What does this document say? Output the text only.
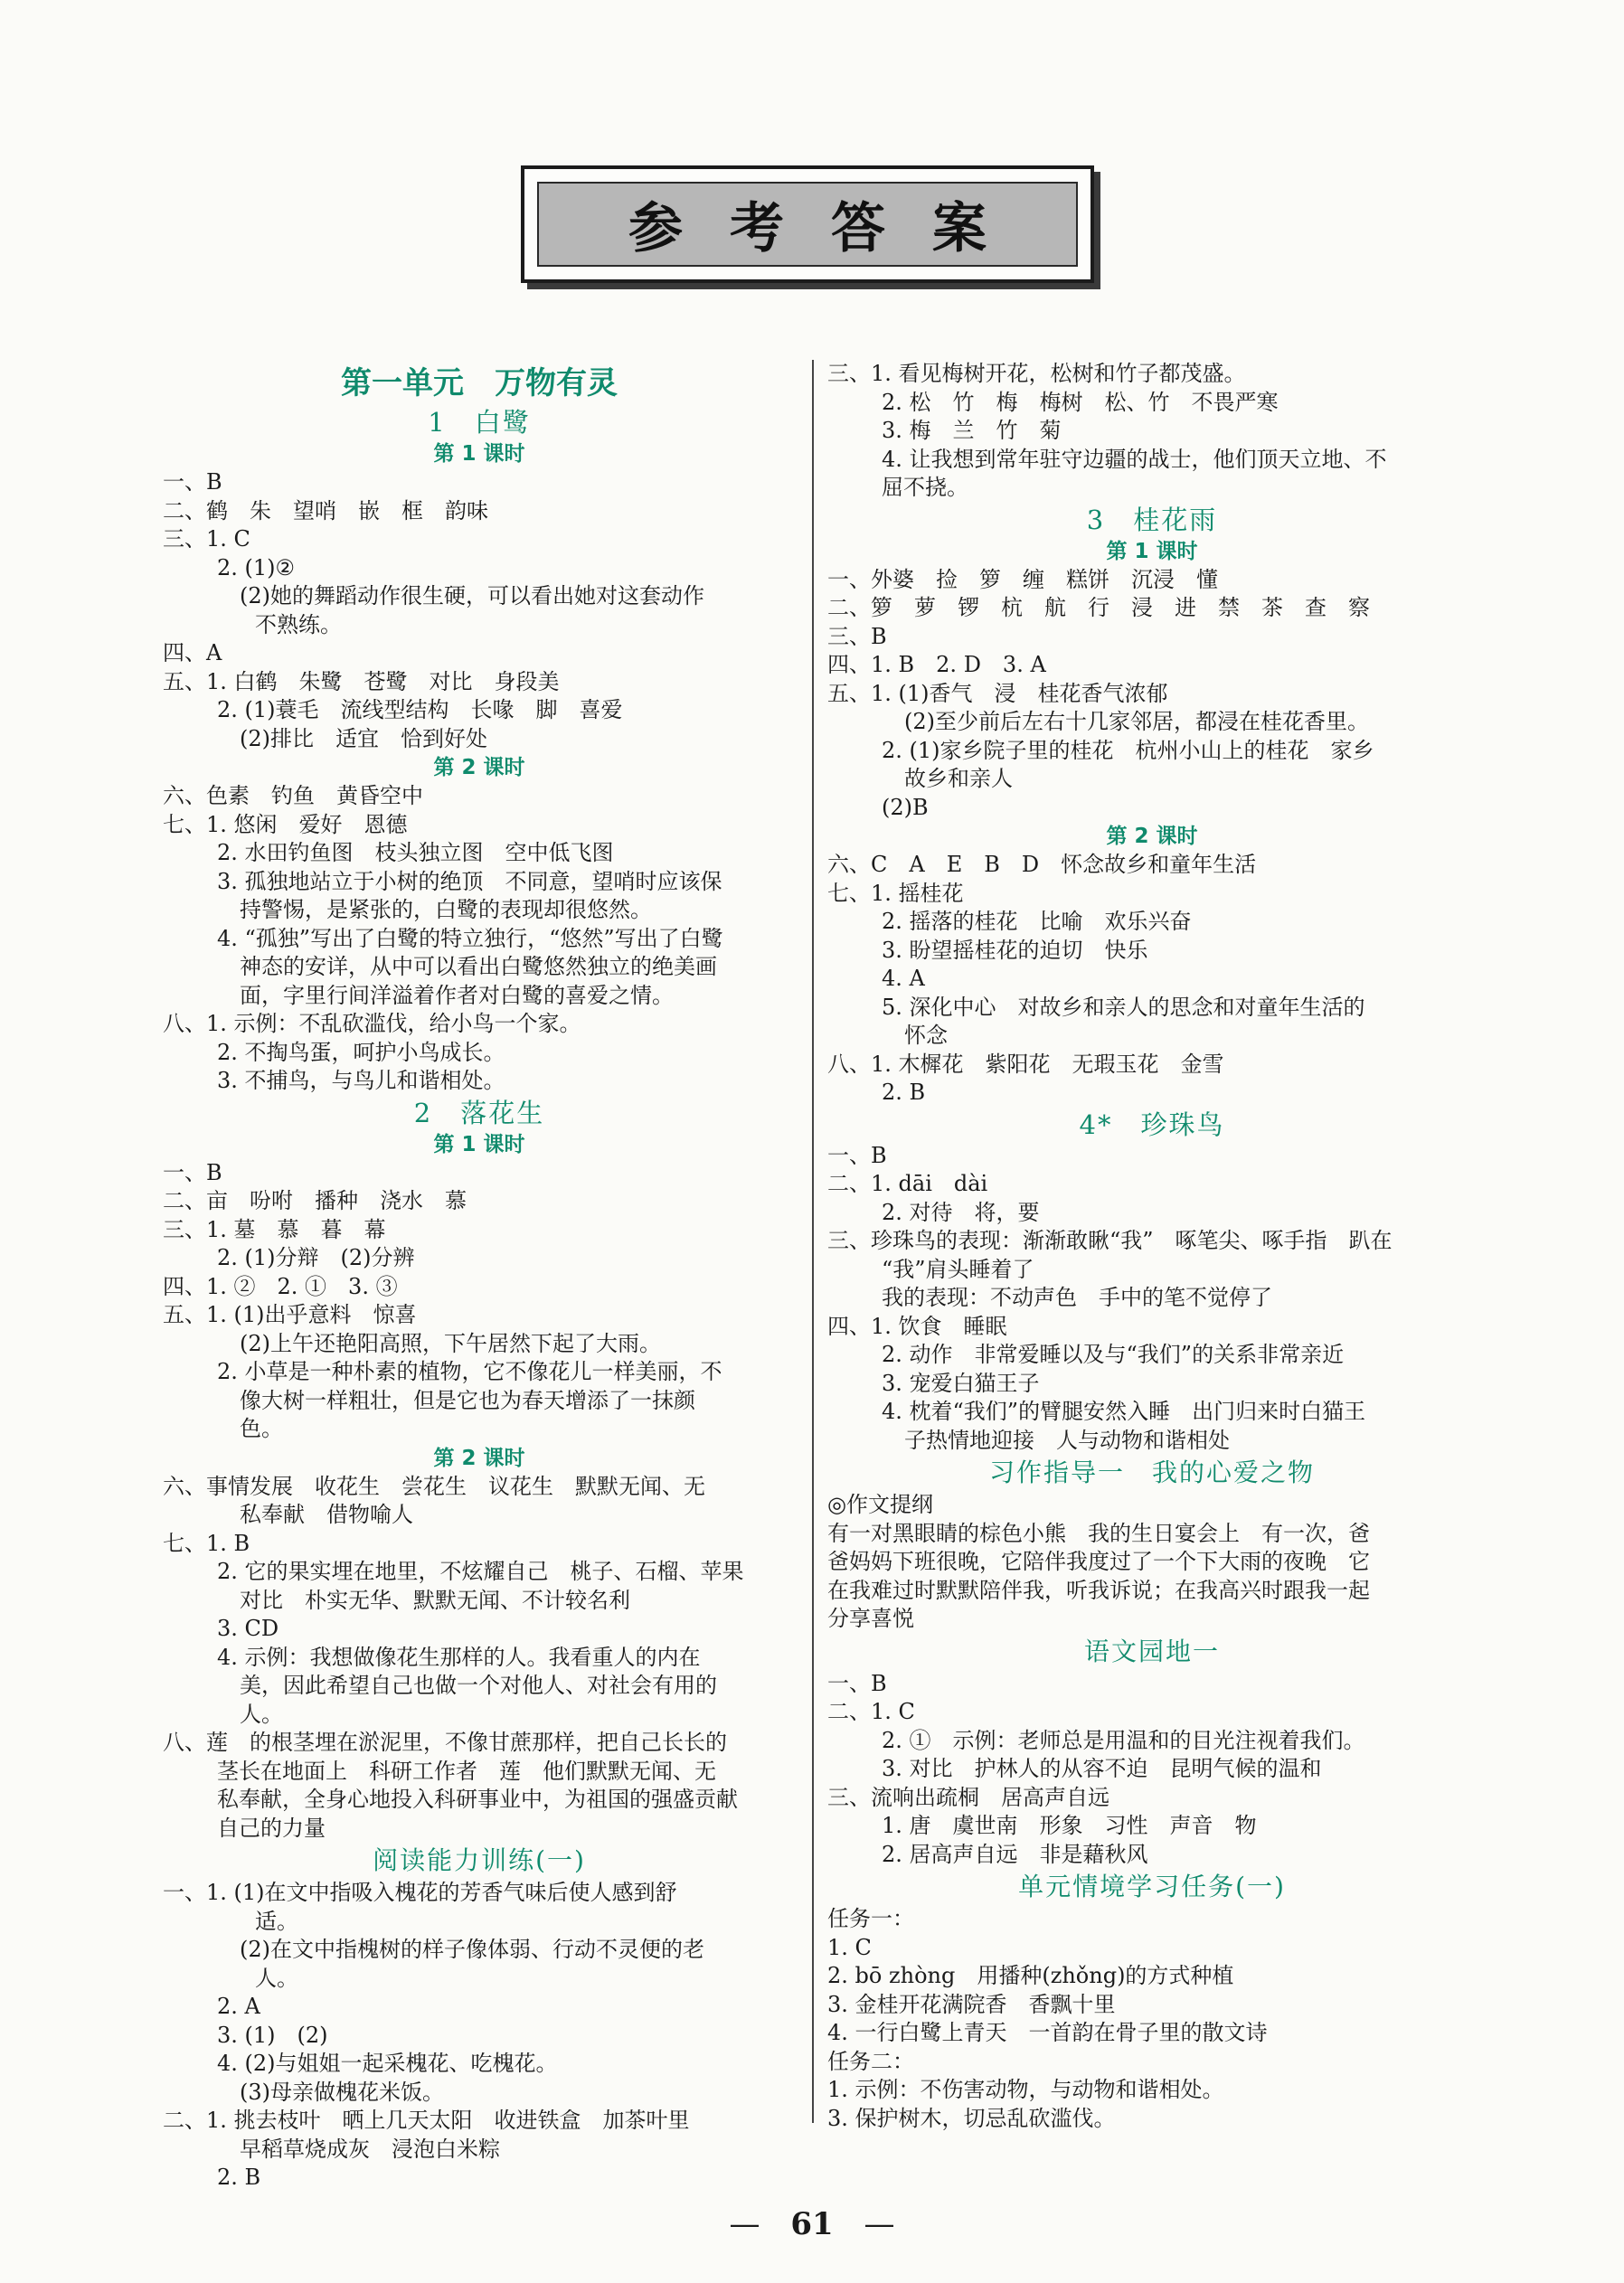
参考答案
第一单元　万物有灵
1　白鹭
第 1 课时
一、B
二、鹤　朱　望哨　嵌　框　韵味
三、1. C
2. (1)②
(2)她的舞蹈动作很生硬，可以看出她对这套动作
不熟练。
四、A
五、1. 白鹤　朱鹭　苍鹭　对比　身段美
2. (1)蓑毛　流线型结构　长喙　脚　喜爱
(2)排比　适宜　恰到好处
第 2 课时
六、色素　钓鱼　黄昏空中
七、1. 悠闲　爱好　恩德
2. 水田钓鱼图　枝头独立图　空中低飞图
3. 孤独地站立于小树的绝顶　不同意，望哨时应该保
持警惕，是紧张的，白鹭的表现却很悠然。
4. “孤独”写出了白鹭的特立独行，“悠然”写出了白鹭
神态的安详，从中可以看出白鹭悠然独立的绝美画
面，字里行间洋溢着作者对白鹭的喜爱之情。
八、1. 示例：不乱砍滥伐，给小鸟一个家。
2. 不掏鸟蛋，呵护小鸟成长。
3. 不捕鸟，与鸟儿和谐相处。
2　落花生
第 1 课时
一、B
二、亩　吩咐　播种　浇水　慕
三、1. 墓　慕　暮　幕
2. (1)分辩　(2)分辨
四、1. ②　2. ①　3. ③
五、1. (1)出乎意料　惊喜
(2)上午还艳阳高照，下午居然下起了大雨。
2. 小草是一种朴素的植物，它不像花儿一样美丽，不
像大树一样粗壮，但是它也为春天增添了一抹颜
色。
第 2 课时
六、事情发展　收花生　尝花生　议花生　默默无闻、无
私奉献　借物喻人
七、1. B
2. 它的果实埋在地里，不炫耀自己　桃子、石榴、苹果
对比　朴实无华、默默无闻、不计较名利
3. CD
4. 示例：我想做像花生那样的人。我看重人的内在
美，因此希望自己也做一个对他人、对社会有用的
人。
八、莲　的根茎埋在淤泥里，不像甘蔗那样，把自己长长的
茎长在地面上　科研工作者　莲　他们默默无闻、无
私奉献，全身心地投入科研事业中，为祖国的强盛贡献
自己的力量
阅读能力训练(一)
一、1. (1)在文中指吸入槐花的芳香气味后使人感到舒
适。
(2)在文中指槐树的样子像体弱、行动不灵便的老
人。
2. A
3. (1)　(2)
4. (2)与姐姐一起采槐花、吃槐花。
(3)母亲做槐花米饭。
二、1. 挑去枝叶　晒上几天太阳　收进铁盒　加茶叶里
早稻草烧成灰　浸泡白米粽
2. B
三、1. 看见梅树开花，松树和竹子都茂盛。
2. 松　竹　梅　梅树　松、竹　不畏严寒
3. 梅　兰　竹　菊
4. 让我想到常年驻守边疆的战士，他们顶天立地、不
屈不挠。
3　桂花雨
第 1 课时
一、外婆　捡　箩　缠　糕饼　沉浸　懂
二、箩　萝　锣　杭　航　行　浸　进　禁　茶　查　察
三、B
四、1. B　2. D　3. A
五、1. (1)香气　浸　桂花香气浓郁
(2)至少前后左右十几家邻居，都浸在桂花香里。
2. (1)家乡院子里的桂花　杭州小山上的桂花　家乡
故乡和亲人
(2)B
第 2 课时
六、C　A　E　B　D　怀念故乡和童年生活
七、1. 摇桂花
2. 摇落的桂花　比喻　欢乐兴奋
3. 盼望摇桂花的迫切　快乐
4. A
5. 深化中心　对故乡和亲人的思念和对童年生活的
怀念
八、1. 木樨花　紫阳花　无瑕玉花　金雪
2. B
4*　珍珠鸟
一、B
二、1. dāi　dài
2. 对待　将，要
三、珍珠鸟的表现：渐渐敢瞅“我”　啄笔尖、啄手指　趴在
“我”肩头睡着了
我的表现：不动声色　手中的笔不觉停了
四、1. 饮食　睡眠
2. 动作　非常爱睡以及与“我们”的关系非常亲近
3. 宠爱白猫王子
4. 枕着“我们”的臂腿安然入睡　出门归来时白猫王
子热情地迎接　人与动物和谐相处
习作指导一　我的心爱之物
◎作文提纲
有一对黑眼睛的棕色小熊　我的生日宴会上　有一次，爸
爸妈妈下班很晚，它陪伴我度过了一个下大雨的夜晚　它
在我难过时默默陪伴我，听我诉说；在我高兴时跟我一起
分享喜悦
语文园地一
一、B
二、1. C
2. ①　示例：老师总是用温和的目光注视着我们。
3. 对比　护林人的从容不迫　昆明气候的温和
三、流响出疏桐　居高声自远
1. 唐　虞世南　形象　习性　声音　物
2. 居高声自远　非是藉秋风
单元情境学习任务(一)
任务一：
1. C
2. bō zhòng　用播种(zhǒng)的方式种植
3. 金桂开花满院香　香飘十里
4. 一行白鹭上青天　一首韵在骨子里的散文诗
任务二：
1. 示例：不伤害动物，与动物和谐相处。
3. 保护树木，切忌乱砍滥伐。
— 61 —
